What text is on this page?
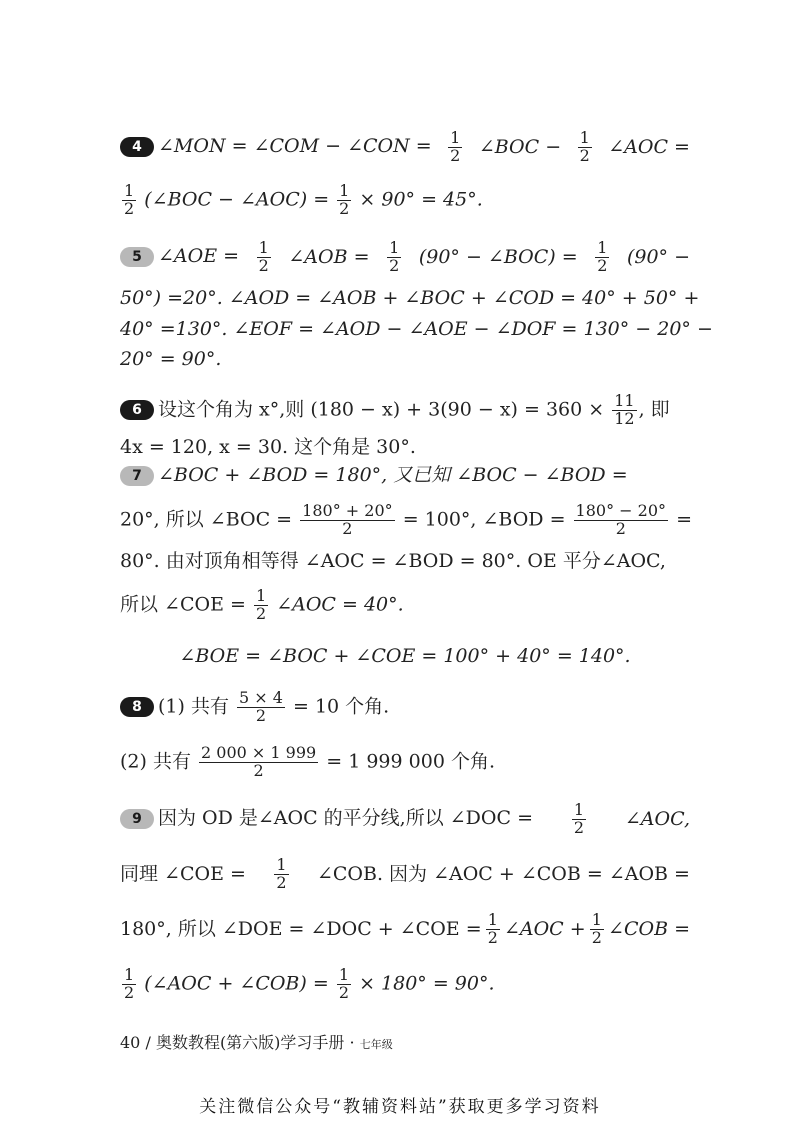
4 ∠MON = ∠COM − ∠CON = $\frac{1}{2}$ ∠BOC − $\frac{1}{2}$ ∠AOC =
$\frac{1}{2}$ (∠BOC − ∠AOC) = $\frac{1}{2} \times 90^\circ = 45^\circ$.
5 ∠AOE = $\frac{1}{2}$ ∠AOB = $\frac{1}{2} (90^\circ$ − ∠BOC) = $\frac{1}{2} (90^\circ$ −
50°) =20°. ∠AOD = ∠AOB + ∠BOC + ∠COD = 40° + 50° +
40° =130°. ∠EOF = ∠AOD − ∠AOE − ∠DOF = 130° − 20° −
20° = 90°.
6 设这个角为 x°,则 $(180 - x) + 3(90 - x) = 360 \times \frac{11}{12}$ , 即
4x = 120, x = 30. 这个角是 30°.
7 ∠BOC + ∠BOD = 180°, 又已知 ∠BOC − ∠BOD =
20°, 所以 ∠BOC = $\frac{180^\circ + 20^\circ}{2} = 100^\circ$, ∠BOD = $\frac{180^\circ - 20^\circ}{2}$ =
80°. 由对顶角相等得 ∠AOC = ∠BOD = 80°. OE 平分∠AOC,
所以 ∠COE = $\frac{1}{2}$ ∠AOC = 40°.
∠BOE = ∠BOC + ∠COE = 100° + 40° = 140°.
8 (1) 共有 $\frac{5 \times 4}{2} = 10$ 个角.
(2) 共有 $\frac{2 000 \times 1 999}{2} = 1$ 999 000 个角.
9 因为 OD 是∠AOC 的平分线,所以 ∠DOC = $\frac{1}{2}$ ∠AOC,
同理 ∠COE = $\frac{1}{2}$ ∠COB. 因为 ∠AOC + ∠COB = ∠AOB =
180°, 所以 ∠DOE = ∠DOC + ∠COE = $\frac{1}{2}$ ∠AOC + $\frac{1}{2}$ ∠COB =
$\frac{1}{2}$ (∠AOC + ∠COB) = $\frac{1}{2} \times 180^\circ = 90^\circ$.
40 / 奥数教程(第六版)学习手册 · 七年级
关注微信公众号“教辅资料站”获取更多学习资料
